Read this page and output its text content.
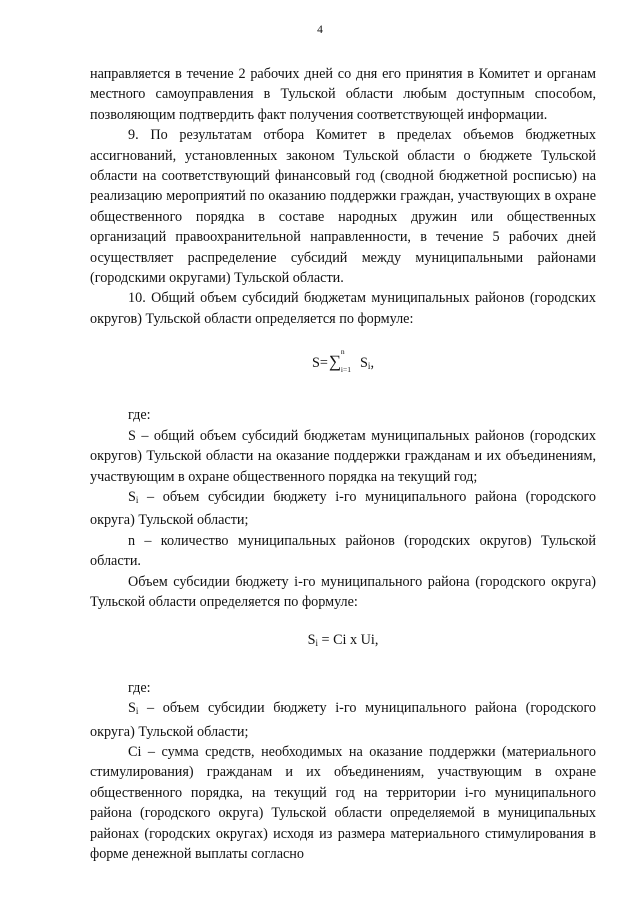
4

направляется в течение 2 рабочих дней со дня его принятия в Комитет и органам местного самоуправления в Тульской области любым доступным способом, позволяющим подтвердить факт получения соответствующей информации.

9. По результатам отбора Комитет в пределах объемов бюджетных ассигнований, установленных законом Тульской области о бюджете Тульской области на соответствующий финансовый год (сводной бюджетной росписью) на реализацию мероприятий по оказанию поддержки граждан, участвующих в охране общественного порядка в составе народных дружин или общественных организаций правоохранительной направленности, в течение 5 рабочих дней осуществляет распределение субсидий между муниципальными районами (городскими округами) Тульской области.

10. Общий объем субсидий бюджетам муниципальных районов (городских округов) Тульской области определяется по формуле:

S=∑
n
i=1 $S_i$,

где:

S – общий объем субсидий бюджетам муниципальных районов (городских округов) Тульской области на оказание поддержки гражданам и их объединениям, участвующим в охране общественного порядка на текущий год;

$S_i$ – объем субсидии бюджету i-го муниципального района (городского округа) Тульской области;

n – количество муниципальных районов (городских округов) Тульской области.

Объем субсидии бюджету i-го муниципального района (городского округа) Тульской области определяется по формуле:

$S_i = Ci$ x Ui,

где:

$S_i$ – объем субсидии бюджету i-го муниципального района (городского округа) Тульской области;

Ci – сумма средств, необходимых на оказание поддержки (материального стимулирования) гражданам и их объединениям, участвующим в охране общественного порядка, на текущий год на территории i-го муниципального района (городского округа) Тульской области определяемой в муниципальных районах (городских округах) исходя из размера материального стимулирования в форме денежной выплаты согласно
